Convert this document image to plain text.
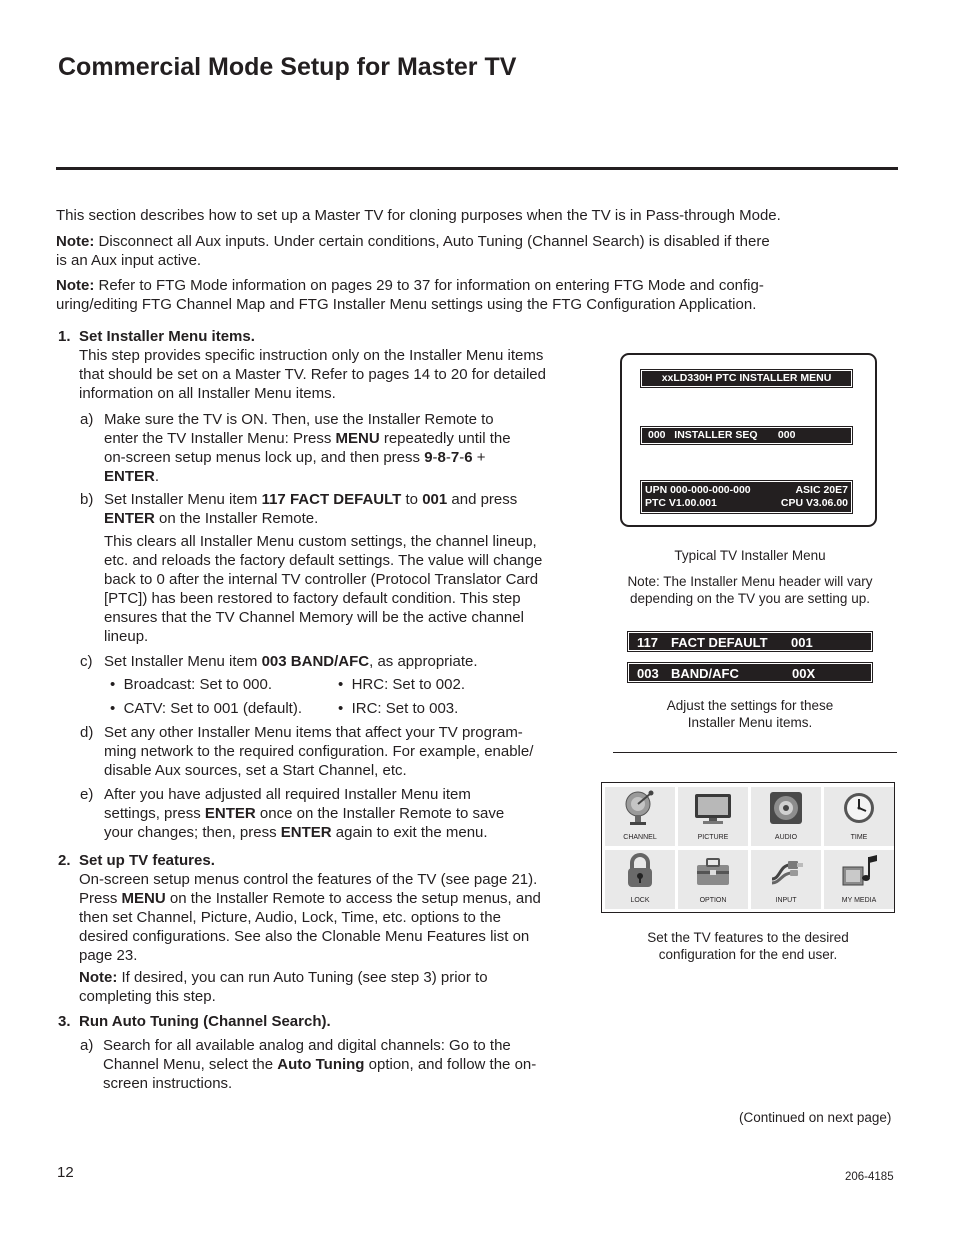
Commercial Mode Setup for Master TV
This section describes how to set up a Master TV for cloning purposes when the TV is in Pass-through Mode.
Note: Disconnect all Aux inputs. Under certain conditions, Auto Tuning (Channel Search) is disabled if there is an Aux input active.
Note: Refer to FTG Mode information on pages 29 to 37 for information on entering FTG Mode and config-uring/editing FTG Channel Map and FTG Installer Menu settings using the FTG Configuration Application.
1. Set Installer Menu items.
This step provides specific instruction only on the Installer Menu items that should be set on a Master TV. Refer to pages 14 to 20 for detailed information on all Installer Menu items.
a) Make sure the TV is ON. Then, use the Installer Remote to enter the TV Installer Menu: Press MENU repeatedly until the on-screen setup menus lock up, and then press 9-8-7-6 + ENTER.
b) Set Installer Menu item 117 FACT DEFAULT to 001 and press ENTER on the Installer Remote.
This clears all Installer Menu custom settings, the channel lineup, etc. and reloads the factory default settings. The value will change back to 0 after the internal TV controller (Protocol Translator Card [PTC]) has been restored to factory default condition. This step ensures that the TV Channel Memory will be the active channel lineup.
c) Set Installer Menu item 003 BAND/AFC, as appropriate.
•  Broadcast: Set to 000.	•  HRC: Set to 002.
•  CATV: Set to 001 (default). •  IRC: Set to 003.
d) Set any other Installer Menu items that affect your TV program-ming network to the required configuration. For example, enable/ disable Aux sources, set a Start Channel, etc.
e) After you have adjusted all required Installer Menu item settings, press ENTER once on the Installer Remote to save your changes; then, press ENTER again to exit the menu.
2. Set up TV features.
On-screen setup menus control the features of the TV (see page 21). Press MENU on the Installer Remote to access the setup menus, and then set Channel, Picture, Audio, Lock, Time, etc. options to the desired configurations. See also the Clonable Menu Features list on page 23.
Note: If desired, you can run Auto Tuning (see step 3) prior to completing this step.
3. Run Auto Tuning (Channel Search).
a) Search for all available analog and digital channels: Go to the Channel Menu, select the Auto Tuning option, and follow the on-screen instructions.
xxLD330H PTC INSTALLER MENU
000   INSTALLER SEQ       000
UPN 000-000-000-000	ASIC 20E7
PTC V1.00.001	CPU V3.06.00
Typical TV Installer Menu
Note: The Installer Menu header will vary depending on the TV you are setting up.
117 FACT DEFAULT 001
003 BAND/AFC	00X
Adjust the settings for these Installer Menu items.
CHANNEL	PICTURE	AUDIO	TIME
LOCK	OPTION	INPUT	MY MEDIA
Set the TV features to the desired configuration for the end user.
(Continued on next page)
12	206-4185
